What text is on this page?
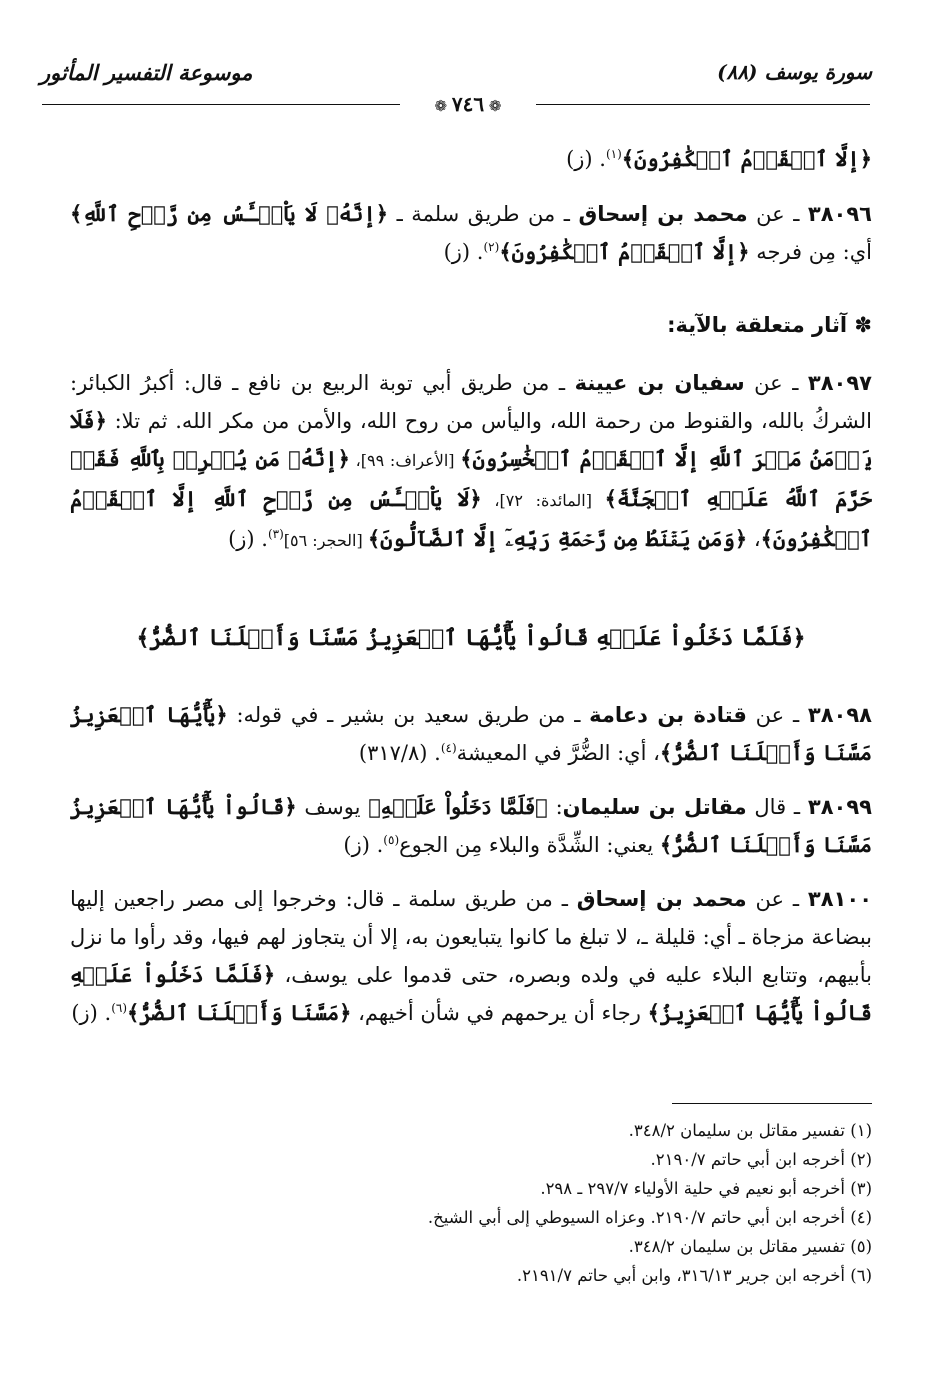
سورة يوسف (٨٨)
موسوعة التفسير المأثور
❁ ٧٤٦ ❁

﴿إلَّا ٱلۡقَوۡمُ ٱلۡكَٰفِرُونَ﴾$^{(١)}$. (ز)

٣٨٠٩٦ ـ عن محمد بن إسحاق ـ من طريق سلمة ـ ﴿إنَّهُۥ لَا يَاْيۡـَٔسُ مِن رَّوۡحِ ٱللَّهِ﴾ أي: مِن فرجه ﴿إلَّا ٱلۡقَوۡمُ ٱلۡكَٰفِرُونَ﴾$^{(٢)}$. (ز)

✽ آثار متعلقة بالآية:

٣٨٠٩٧ ـ عن سفيان بن عيينة ـ من طريق أبي توبة الربيع بن نافع ـ قال: أكبرُ الكبائر: الشركُ بالله، والقنوط من رحمة الله، واليأس من روح الله، والأمن من مكر الله. ثم تلا: ﴿فَلَا يَأۡمَنُ مَكۡرَ ٱللَّهِ إلَّا ٱلۡقَوۡمُ ٱلۡخَٰسِرُونَ﴾ [الأعراف: ٩٩]، ﴿إنَّهُۥ مَن يُشۡرِكۡ بِٱللَّهِ فَقَدۡ حَرَّمَ ٱللَّهُ عَلَيۡهِ ٱلۡجَنَّةَ﴾ [المائدة: ٧٢]، ﴿لَا يَاْيۡـَٔسُ مِن رَّوۡحِ ٱللَّهِ إلَّا ٱلۡقَوۡمُ ٱلۡكَٰفِرُونَ﴾، ﴿وَمَن يَقۡنَطُ مِن رَّحۡمَةِ رَبِّهِۦٓ إلَّا ٱلضَّآلُّونَ﴾ [الحجر: ٥٦]$^{(٣)}$. (ز)

﴿فَلَمَّا دَخَلُواْ عَلَيۡهِ قَالُواْ يَٰٓأَيُّهَا ٱلۡعَزِيزُ مَسَّنَا وَأَهۡلَنَا ٱلضُّرُّ﴾

٣٨٠٩٨ ـ عن قتادة بن دعامة ـ من طريق سعيد بن بشير ـ في قوله: ﴿يَٰٓأَيُّهَا ٱلۡعَزِيزُ مَسَّنَا وَأَهۡلَنَا ٱلضُّرُّ﴾، أي: الضُّرَّ في المعيشة$^{(٤)}$. (٣١٧/٨)

٣٨٠٩٩ ـ قال مقاتل بن سليمان: ﴿فَلَمَّا دَخَلُواْ عَلَيۡهِ﴾ يوسف ﴿قَالُواْ يَٰٓأَيُّهَا ٱلۡعَزِيزُ مَسَّنَا وَأَهۡلَنَا ٱلضُّرُّ﴾ يعني: الشِّدَّة والبلاء مِن الجوع$^{(٥)}$. (ز)

٣٨١٠٠ ـ عن محمد بن إسحاق ـ من طريق سلمة ـ قال: وخرجوا إلى مصر راجعين إليها ببضاعة مزجاة ـ أي: قليلة ـ، لا تبلغ ما كانوا يتبايعون به، إلا أن يتجاوز لهم فيها، وقد رأوا ما نزل بأبيهم، وتتابع البلاء عليه في ولده وبصره، حتى قدموا على يوسف، ﴿فَلَمَّا دَخَلُواْ عَلَيۡهِ قَالُواْ يَٰٓأَيُّهَا ٱلۡعَزِيزُ﴾ رجاء أن يرحمهم في شأن أخيهم، ﴿مَسَّنَا وَأَهۡلَنَا ٱلضُّرُّ﴾$^{(٦)}$. (ز)

(١) تفسير مقاتل بن سليمان ٣٤٨/٢.
(٢) أخرجه ابن أبي حاتم ٢١٩٠/٧.
(٣) أخرجه أبو نعيم في حلية الأولياء ٢٩٧/٧ ـ ٢٩٨.
(٤) أخرجه ابن أبي حاتم ٢١٩٠/٧. وعزاه السيوطي إلى أبي الشيخ.
(٥) تفسير مقاتل بن سليمان ٣٤٨/٢.
(٦) أخرجه ابن جرير ٣١٦/١٣، وابن أبي حاتم ٢١٩١/٧.
